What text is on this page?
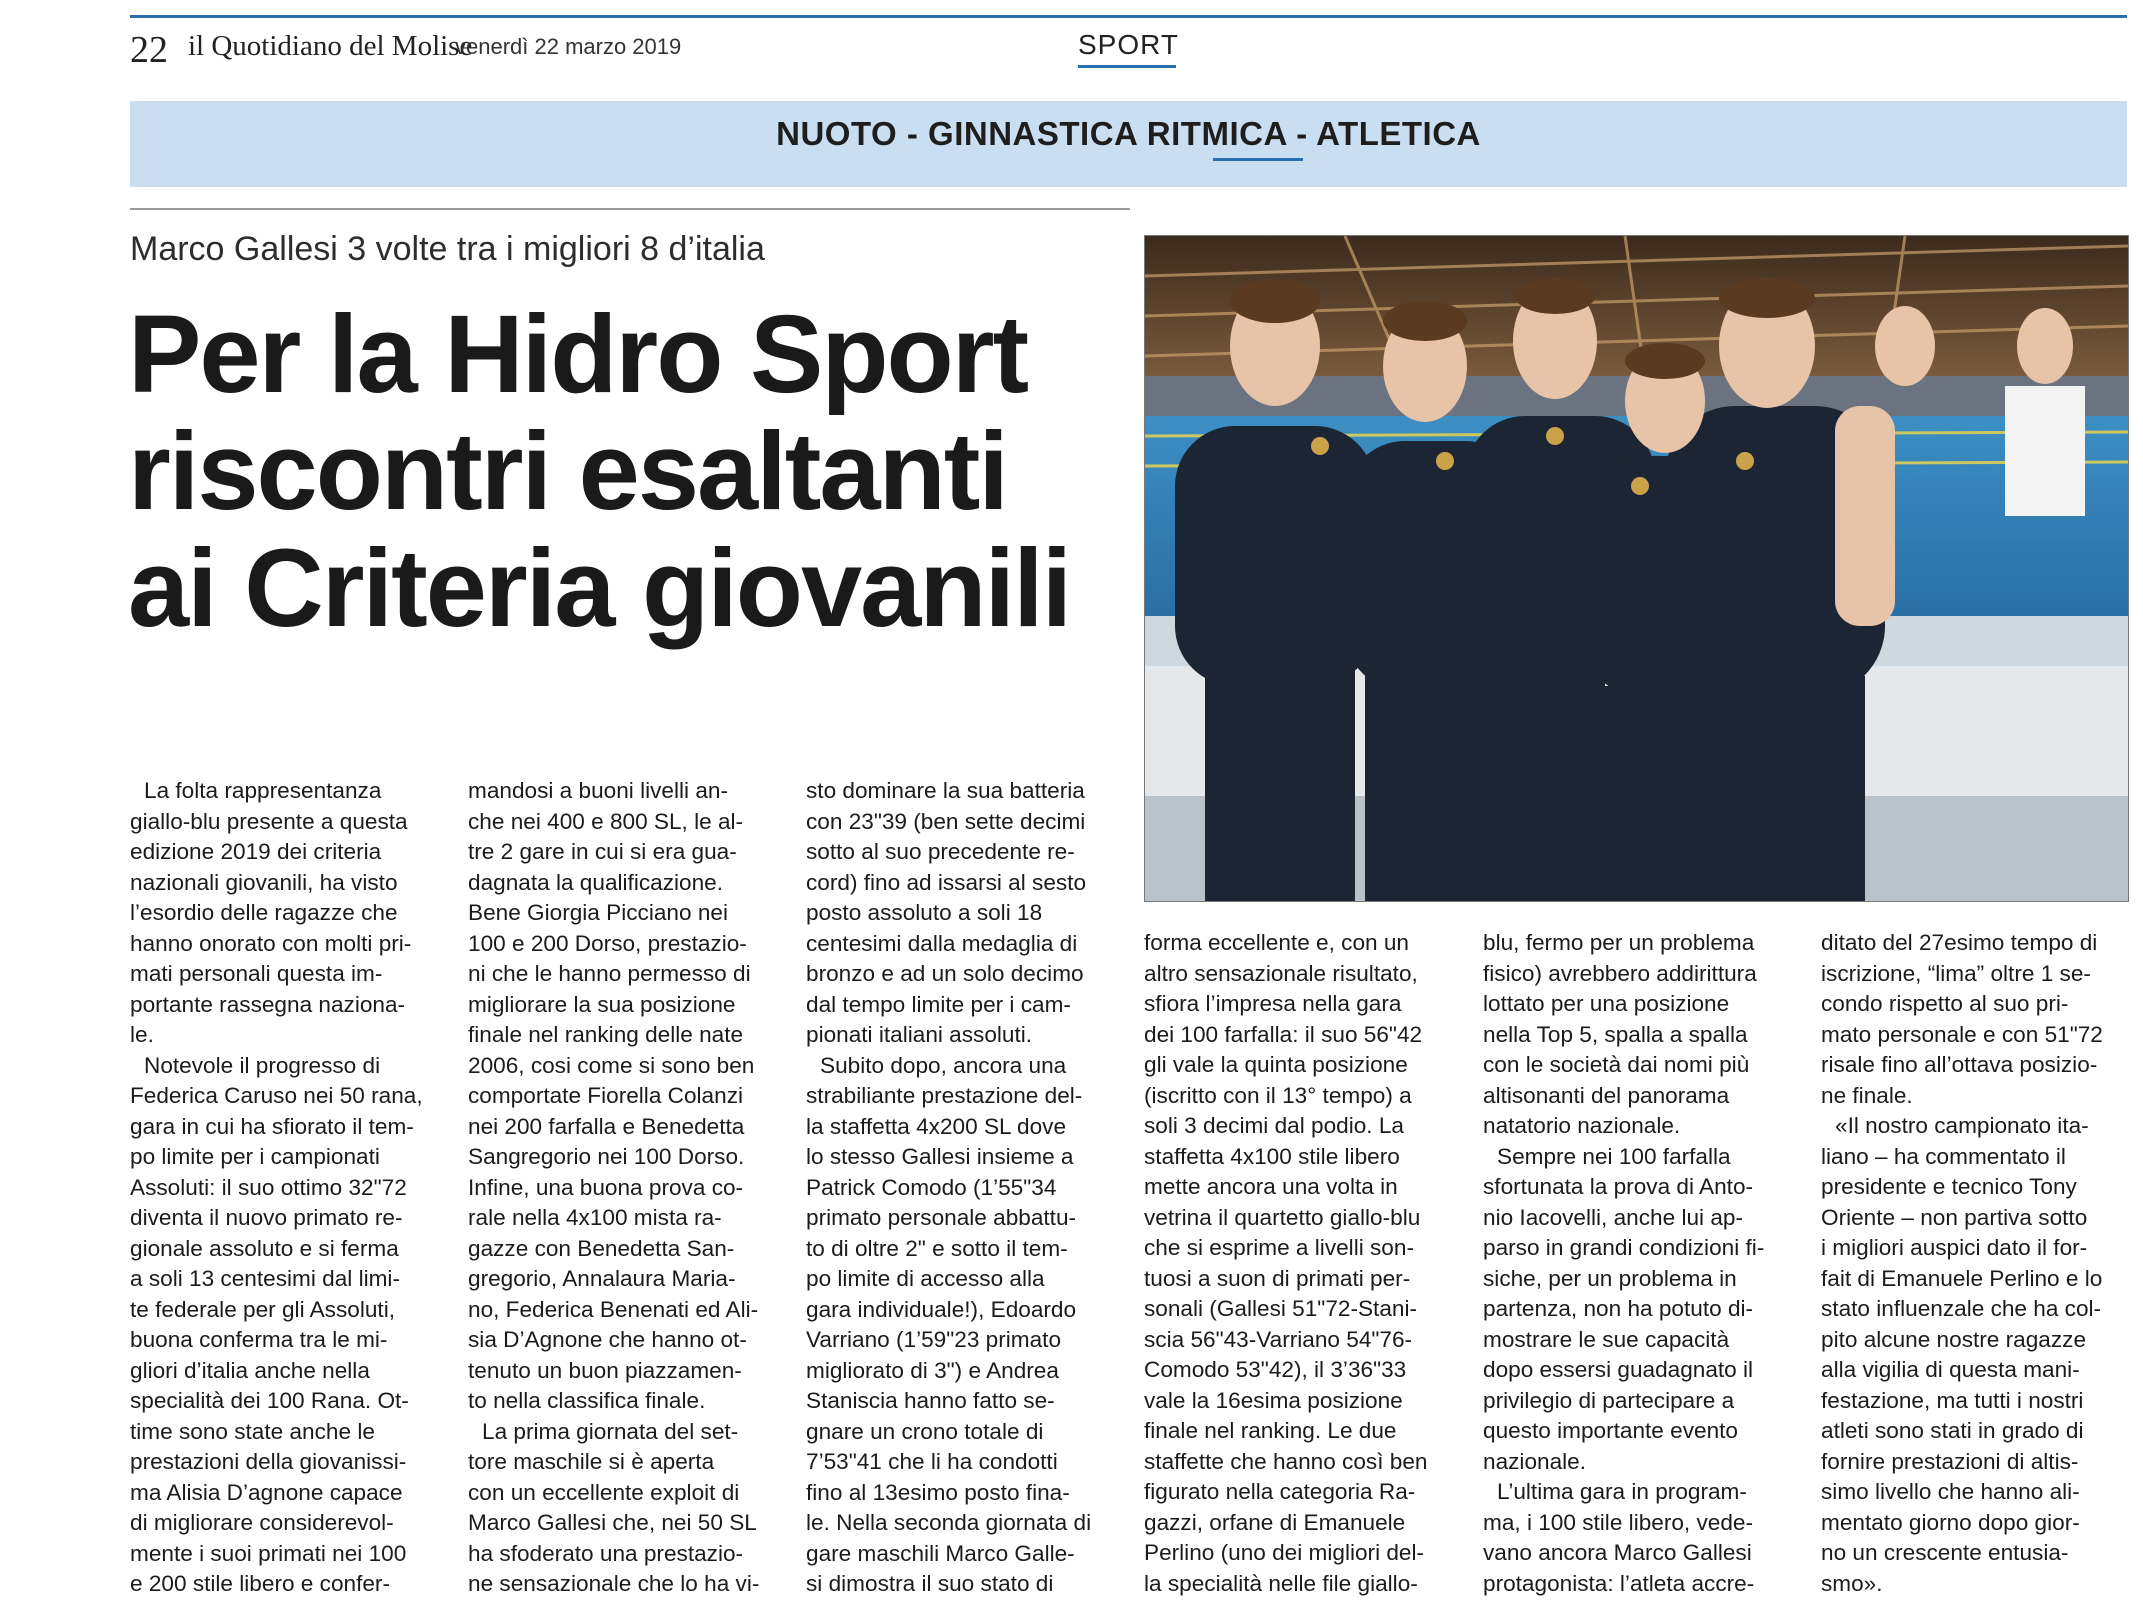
22 il Quotidiano del Molise
venerdì 22 marzo 2019	SPORT
NUOTO - GINNASTICA RITMICA - ATLETICA
Marco Gallesi 3 volte tra i migliori 8 d’italia
Per la Hidro Sport
riscontri esaltanti
ai Criteria giovanili
La folta rappresentanza
giallo-blu presente a questa
edizione 2019 dei criteria
nazionali giovanili, ha visto
l’esordio delle ragazze che
hanno onorato con molti pri-
mati personali questa im-
portante rassegna naziona-
le.
Notevole il progresso di
Federica Caruso nei 50 rana,
gara in cui ha sfiorato il tem-
po limite per i campionati
Assoluti: il suo ottimo 32"72
diventa il nuovo primato re-
gionale assoluto e si ferma
a soli 13 centesimi dal limi-
te federale per gli Assoluti,
buona conferma tra le mi-
gliori d’italia anche nella
specialità dei 100 Rana. Ot-
time sono state anche le
prestazioni della giovanissi-
ma Alisia D’agnone capace
di migliorare considerevol-
mente i suoi primati nei 100
e 200 stile libero e confer-
mandosi a buoni livelli an-
che nei 400 e 800 SL, le al-
tre 2 gare in cui si era gua-
dagnata la qualificazione.
Bene Giorgia Picciano nei
100 e 200 Dorso, prestazio-
ni che le hanno permesso di
migliorare la sua posizione
finale nel ranking delle nate
2006, cosi come si sono ben
comportate Fiorella Colanzi
nei 200 farfalla e Benedetta
Sangregorio nei 100 Dorso.
Infine, una buona prova co-
rale nella 4x100 mista ra-
gazze con Benedetta San-
gregorio, Annalaura Maria-
no, Federica Benenati ed Ali-
sia D’Agnone che hanno ot-
tenuto un buon piazzamen-
to nella classifica finale.
La prima giornata del set-
tore maschile si è aperta
con un eccellente exploit di
Marco Gallesi che, nei 50 SL
ha sfoderato una prestazio-
ne sensazionale che lo ha vi-
sto dominare la sua batteria
con 23"39 (ben sette decimi
sotto al suo precedente re-
cord) fino ad issarsi al sesto
posto assoluto a soli 18
centesimi dalla medaglia di
bronzo e ad un solo decimo
dal tempo limite per i cam-
pionati italiani assoluti.
Subito dopo, ancora una
strabiliante prestazione del-
la staffetta 4x200 SL dove
lo stesso Gallesi insieme a
Patrick Comodo (1’55"34
primato personale abbattu-
to di oltre 2" e sotto il tem-
po limite di accesso alla
gara individuale!), Edoardo
Varriano (1’59"23 primato
migliorato di 3") e Andrea
Staniscia hanno fatto se-
gnare un crono totale di
7’53"41 che li ha condotti
fino al 13esimo posto fina-
le. Nella seconda giornata di
gare maschili Marco Galle-
si dimostra il suo stato di
forma eccellente e, con un
altro sensazionale risultato,
sfiora l’impresa nella gara
dei 100 farfalla: il suo 56"42
gli vale la quinta posizione
(iscritto con il 13° tempo) a
soli 3 decimi dal podio. La
staffetta 4x100 stile libero
mette ancora una volta in
vetrina il quartetto giallo-blu
che si esprime a livelli son-
tuosi a suon di primati per-
sonali (Gallesi 51"72-Stani-
scia 56"43-Varriano 54"76-
Comodo 53"42), il 3’36"33
vale la 16esima posizione
finale nel ranking. Le due
staffette che hanno così ben
figurato nella categoria Ra-
gazzi, orfane di Emanuele
Perlino (uno dei migliori del-
la specialità nelle file giallo-
blu, fermo per un problema
fisico) avrebbero addirittura
lottato per una posizione
nella Top 5, spalla a spalla
con le società dai nomi più
altisonanti del panorama
natatorio nazionale.
Sempre nei 100 farfalla
sfortunata la prova di Anto-
nio Iacovelli, anche lui ap-
parso in grandi condizioni fi-
siche, per un problema in
partenza, non ha potuto di-
mostrare le sue capacità
dopo essersi guadagnato il
privilegio di partecipare a
questo importante evento
nazionale.
L’ultima gara in program-
ma, i 100 stile libero, vede-
vano ancora Marco Gallesi
protagonista: l’atleta accre-
ditato del 27esimo tempo di
iscrizione, “lima” oltre 1 se-
condo rispetto al suo pri-
mato personale e con 51"72
risale fino all’ottava posizio-
ne finale.
«Il nostro campionato ita-
liano – ha commentato il
presidente e tecnico Tony
Oriente – non partiva sotto
i migliori auspici dato il for-
fait di Emanuele Perlino e lo
stato influenzale che ha col-
pito alcune nostre ragazze
alla vigilia di questa mani-
festazione, ma tutti i nostri
atleti sono stati in grado di
fornire prestazioni di altis-
simo livello che hanno ali-
mentato giorno dopo gior-
no un crescente entusia-
smo».
